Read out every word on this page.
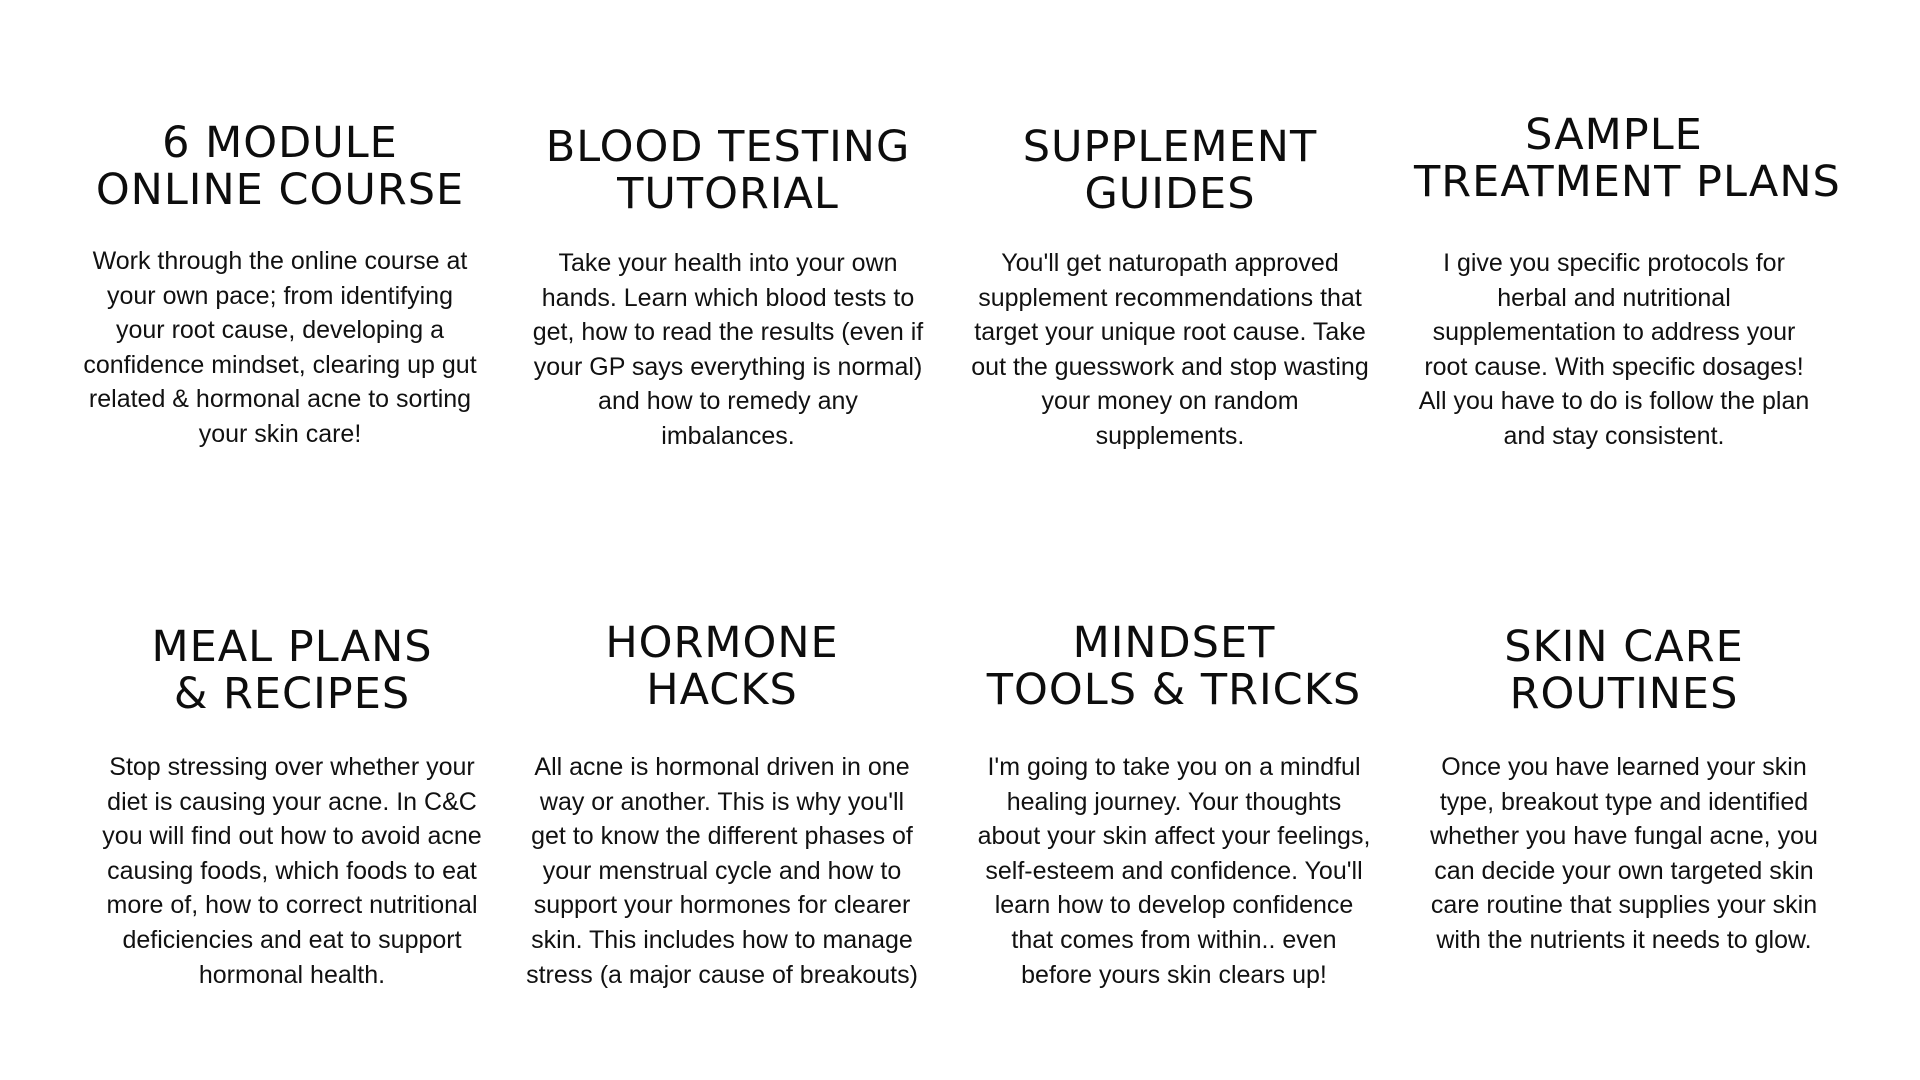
6 MODULE
ONLINE COURSE

Work through the online course at your own pace; from identifying your root cause, developing a confidence mindset, clearing up gut related & hormonal acne to sorting your skin care!

BLOOD TESTING
TUTORIAL

Take your health into your own hands. Learn which blood tests to get, how to read the results (even if your GP says everything is normal) and how to remedy any imbalances.

SUPPLEMENT
GUIDES

You'll get naturopath approved supplement recommendations that target your unique root cause. Take out the guesswork and stop wasting your money on random supplements.

SAMPLE
TREATMENT PLANS

I give you specific protocols for herbal and nutritional supplementation to address your root cause. With specific dosages! All you have to do is follow the plan and stay consistent.

MEAL PLANS
& RECIPES

Stop stressing over whether your diet is causing your acne. In C&C you will find out how to avoid acne causing foods, which foods to eat more of, how to correct nutritional deficiencies and eat to support hormonal health.

HORMONE
HACKS

All acne is hormonal driven in one way or another. This is why you'll get to know the different phases of your menstrual cycle and how to support your hormones for clearer skin. This includes how to manage stress (a major cause of breakouts)

MINDSET
TOOLS & TRICKS

I'm going to take you on a mindful healing journey. Your thoughts about your skin affect your feelings, self-esteem and confidence. You'll learn how to develop confidence that comes from within.. even before yours skin clears up!

SKIN CARE
ROUTINES

Once you have learned your skin type, breakout type and identified whether you have fungal acne, you can decide your own targeted skin care routine that supplies your skin with the nutrients it needs to glow.
